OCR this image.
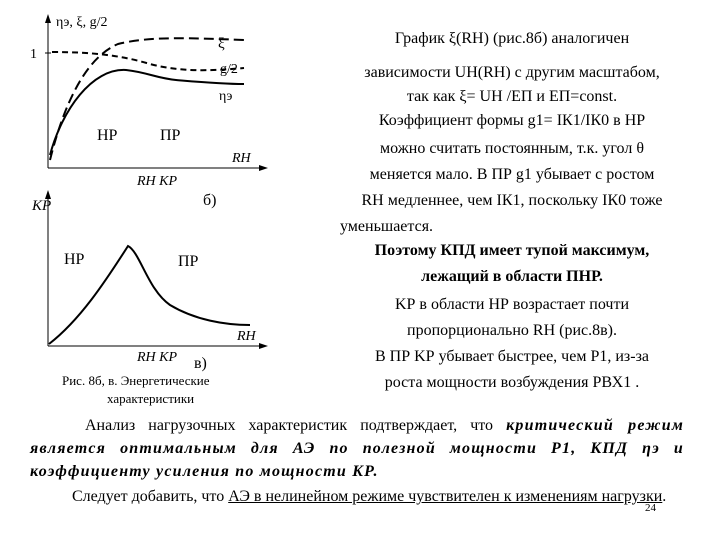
ηэ, ξ, g/2
1
ξ
g/2
ηэ
НР	ПР
RН
RН КР
б)
KР
НР	ПР
RН
RН КР в)
Рис. 8б, в. Энергетические
характеристики
График ξ(RН) (рис.8б) аналогичен
зависимости UН(RН) с другим масштабом,
так как ξ= UН /EП и EП=const.
Коэффициент формы g1= IК1/IК0 в НР
можно считать постоянным, т.к. угол θ
меняется мало. В ПР g1 убывает с ростом
RН медленнее, чем IК1, поскольку IК0 тоже
уменьшается.
Поэтому КПД имеет тупой максимум,
лежащий в области ПНР.
KР в области НР возрастает почти
пропорционально RН (рис.8в).
В ПР KР убывает быстрее, чем P1, из-за
роста мощности возбуждения PВХ1 .
Анализ нагрузочных характеристик подтверждает, что критический режим является оптимальным для АЭ по полезной мощности P1, КПД ηэ и коэффициенту усиления по мощности KР.
Следует добавить, что АЭ в нелинейном режиме чувствителен к изменениям нагрузки.
24
